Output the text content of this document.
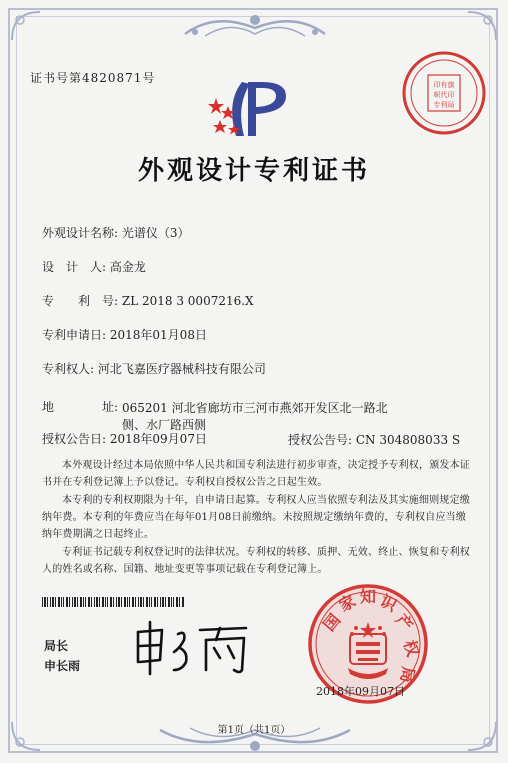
证书号第4820871号	印有旗
帜代印
专利局
外观设计专利证书
外观设计名称: 光谱仪（3）
设　计　人: 高金龙
专　　利　号: ZL 2018 3 0007216.X
专利申请日: 2018年01月08日
专利权人: 河北飞嘉医疗器械科技有限公司
地　　　　址: 065201 河北省廊坊市三河市燕郊开发区北一路北侧、水厂路西侧
授权公告日: 2018年09月07日	授权公告号: CN 304808033 S
本外观设计经过本局依照中华人民共和国专利法进行初步审查，决定授予专利权，颁发本证书并在专利登记簿上予以登记。专利权自授权公告之日起生效。
本专利的专利权期限为十年，自申请日起算。专利权人应当依照专利法及其实施细则规定缴纳年费。本专利的年费应当在每年01月08日前缴纳。未按照规定缴纳年费的，专利权自应当缴纳年费期满之日起终止。
专利证书记载专利权登记时的法律状况。专利权的转移、质押、无效、终止、恢复和专利权人的姓名或名称、国籍、地址变更等事项记载在专利登记簿上。
局长
申长雨
国
家 知 识
产
权
局
2018年09月07日
第1页（共1页）
